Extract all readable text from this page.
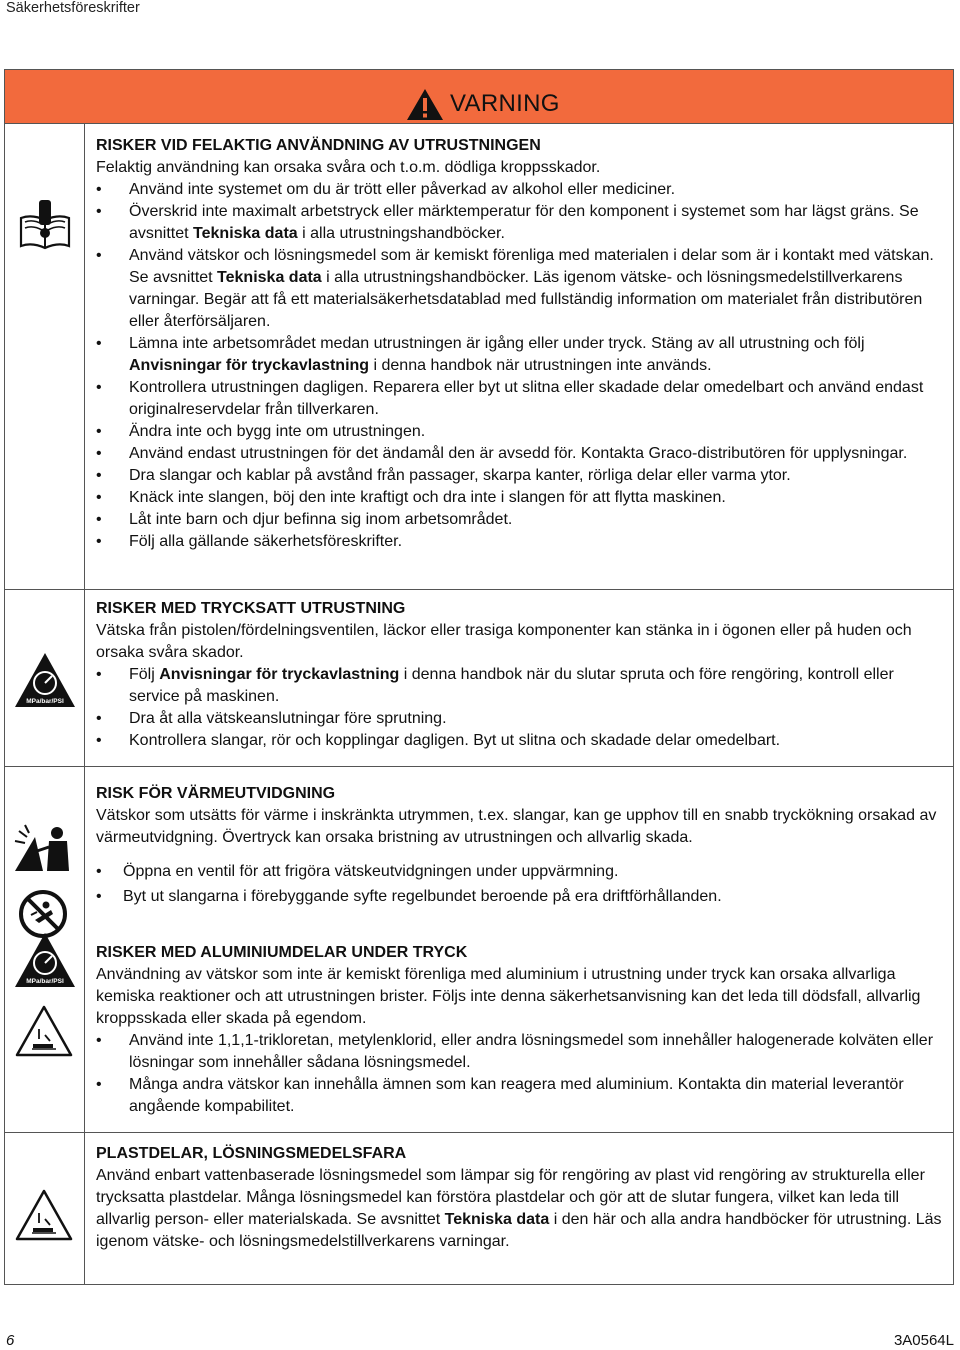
Säkerhetsföreskrifter
VARNING
MPa/bar/PSI
MPa/bar/PSI

RISKER VID FELAKTIG ANVÄNDNING AV UTRUSTNINGEN

Felaktig användning kan orsaka svåra och t.o.m. dödliga kroppsskador.

• Använd inte systemet om du är trött eller påverkad av alkohol eller mediciner.
• Överskrid inte maximalt arbetstryck eller märktemperatur för den komponent i systemet som har lägst gräns. Se avsnittet Tekniska data i alla utrustningshandböcker.
• Använd vätskor och lösningsmedel som är kemiskt förenliga med materialen i delar som är i kontakt med vätskan. Se avsnittet Tekniska data i alla utrustningshandböcker. Läs igenom vätske- och lösningsmedelstillverkarens varningar. Begär att få ett materialsäkerhetsdatablad med fullständig information om materialet från distributören eller återförsäljaren.
• Lämna inte arbetsområdet medan utrustningen är igång eller under tryck. Stäng av all utrustning och följ Anvisningar för tryckavlastning i denna handbok när utrustningen inte används.
• Kontrollera utrustningen dagligen. Reparera eller byt ut slitna eller skadade delar omedelbart och använd endast originalreservdelar från tillverkaren.
• Ändra inte och bygg inte om utrustningen.
• Använd endast utrustningen för det ändamål den är avsedd för. Kontakta Graco-distributören för upplysningar.
• Dra slangar och kablar på avstånd från passager, skarpa kanter, rörliga delar eller varma ytor.
• Knäck inte slangen, böj den inte kraftigt och dra inte i slangen för att flytta maskinen.
• Låt inte barn och djur befinna sig inom arbetsområdet.
• Följ alla gällande säkerhetsföreskrifter.

RISKER MED TRYCKSATT UTRUSTNING

Vätska från pistolen/fördelningsventilen, läckor eller trasiga komponenter kan stänka in i ögonen eller på huden och orsaka svåra skador.

• Följ Anvisningar för tryckavlastning i denna handbok när du slutar spruta och före rengöring, kontroll eller service på maskinen.
• Dra åt alla vätskeanslutningar före sprutning.
• Kontrollera slangar, rör och kopplingar dagligen. Byt ut slitna och skadade delar omedelbart.

RISK FÖR VÄRMEUTVIDGNING

Vätskor som utsätts för värme i inskränkta utrymmen, t.ex. slangar, kan ge upphov till en snabb tryckökning orsakad av värmeutvidgning. Övertryck kan orsaka bristning av utrustningen och allvarlig skada.

• Öppna en ventil för att frigöra vätskeutvidgningen under uppvärmning.
• Byt ut slangarna i förebyggande syfte regelbundet beroende på era driftförhållanden.

RISKER MED ALUMINIUMDELAR UNDER TRYCK

Användning av vätskor som inte är kemiskt förenliga med aluminium i utrustning under tryck kan orsaka allvarliga kemiska reaktioner och att utrustningen brister. Följs inte denna säkerhetsanvisning kan det leda till dödsfall, allvarlig kroppsskada eller skada på egendom.

• Använd inte 1,1,1-trikloretan, metylenklorid, eller andra lösningsmedel som innehåller halogenerade kolväten eller lösningar som innehåller sådana lösningsmedel.
• Många andra vätskor kan innehålla ämnen som kan reagera med aluminium. Kontakta din material leverantör angående kompabilitet.

PLASTDELAR, LÖSNINGSMEDELSFARA

Använd enbart vattenbaserade lösningsmedel som lämpar sig för rengöring av plast vid rengöring av strukturella eller trycksatta plastdelar. Många lösningsmedel kan förstöra plastdelar och gör att de slutar fungera, vilket kan leda till allvarlig person- eller materialskada. Se avsnittet Tekniska data i den här och alla andra handböcker för utrustning. Läs igenom vätske- och lösningsmedelstillverkarens varningar.

6	3A0564L
